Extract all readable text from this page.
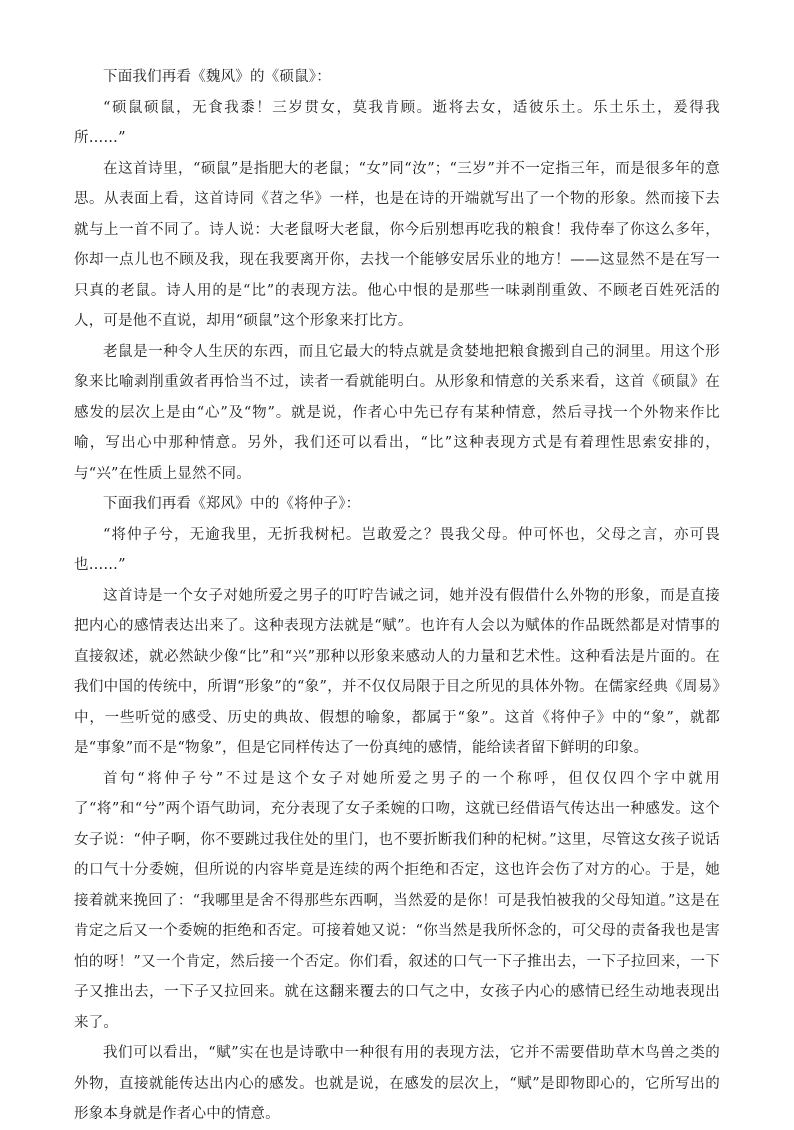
下面我们再看《魏风》的《硕鼠》：

“硕鼠硕鼠，无食我黍！三岁贯女，莫我肯顾。逝将去女，适彼乐土。乐土乐土，爰得我所……”

在这首诗里，“硕鼠”是指肥大的老鼠；“女”同“汝”；“三岁”并不一定指三年，而是很多年的意思。从表面上看，这首诗同《苕之华》一样，也是在诗的开端就写出了一个物的形象。然而接下去就与上一首不同了。诗人说：大老鼠呀大老鼠，你今后别想再吃我的粮食！我侍奉了你这么多年，你却一点儿也不顾及我，现在我要离开你，去找一个能够安居乐业的地方！——这显然不是在写一只真的老鼠。诗人用的是“比”的表现方法。他心中恨的是那些一味剥削重敛、不顾老百姓死活的人，可是他不直说，却用“硕鼠”这个形象来打比方。

老鼠是一种令人生厌的东西，而且它最大的特点就是贪婪地把粮食搬到自己的洞里。用这个形象来比喻剥削重敛者再恰当不过，读者一看就能明白。从形象和情意的关系来看，这首《硕鼠》在感发的层次上是由“心”及“物”。就是说，作者心中先已存有某种情意，然后寻找一个外物来作比喻，写出心中那种情意。另外，我们还可以看出，“比”这种表现方式是有着理性思索安排的，与“兴”在性质上显然不同。

下面我们再看《郑风》中的《将仲子》：

“将仲子兮，无逾我里，无折我树杞。岂敢爱之？畏我父母。仲可怀也，父母之言，亦可畏也……”

这首诗是一个女子对她所爱之男子的叮咛告诫之词，她并没有假借什么外物的形象，而是直接把内心的感情表达出来了。这种表现方法就是“赋”。也许有人会以为赋体的作品既然都是对情事的直接叙述，就必然缺少像“比”和“兴”那种以形象来感动人的力量和艺术性。这种看法是片面的。在我们中国的传统中，所谓“形象”的“象”，并不仅仅局限于目之所见的具体外物。在儒家经典《周易》中，一些听觉的感受、历史的典故、假想的喻象，都属于“象”。这首《将仲子》中的“象”，就都是“事象”而不是“物象”，但是它同样传达了一份真纯的感情，能给读者留下鲜明的印象。

首句“将仲子兮”不过是这个女子对她所爱之男子的一个称呼，但仅仅四个字中就用了“将”和“兮”两个语气助词，充分表现了女子柔婉的口吻，这就已经借语气传达出一种感发。这个女子说：“仲子啊，你不要跳过我住处的里门，也不要折断我们种的杞树。”这里，尽管这女孩子说话的口气十分委婉，但所说的内容毕竟是连续的两个拒绝和否定，这也许会伤了对方的心。于是，她接着就来挽回了：“我哪里是舍不得那些东西啊，当然爱的是你！可是我怕被我的父母知道。”这是在肯定之后又一个委婉的拒绝和否定。可接着她又说：“你当然是我所怀念的，可父母的责备我也是害怕的呀！”又一个肯定，然后接一个否定。你们看，叙述的口气一下子推出去，一下子拉回来，一下子又推出去，一下子又拉回来。就在这翻来覆去的口气之中，女孩子内心的感情已经生动地表现出来了。

我们可以看出，“赋”实在也是诗歌中一种很有用的表现方法，它并不需要借助草木鸟兽之类的外物，直接就能传达出内心的感发。也就是说，在感发的层次上，“赋”是即物即心的，它所写出的形象本身就是作者心中的情意。
